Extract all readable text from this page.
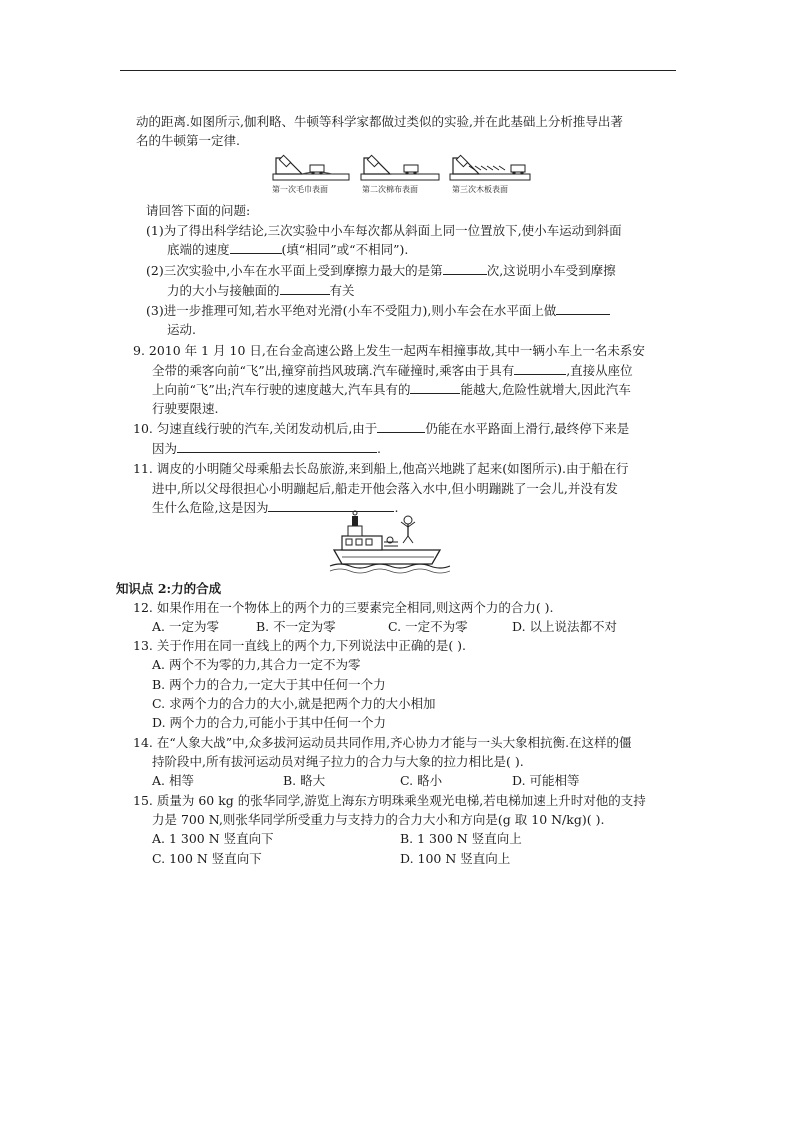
动的距离.如图所示,伽利略、牛顿等科学家都做过类似的实验,并在此基础上分析推导出著
名的牛顿第一定律.
第一次毛巾表面	第二次棉布表面	第三次木板表面
请回答下面的问题:
(1)为了得出科学结论,三次实验中小车每次都从斜面上同一位置放下,使小车运动到斜面
底端的速度	(填“相同”或“不相同”).
(2)三次实验中,小车在水平面上受到摩擦力最大的是第	次,这说明小车受到摩擦
力的大小与接触面的	有关
(3)进一步推理可知,若水平绝对光滑(小车不受阻力),则小车会在水平面上做
运动.
9. 2010 年 1 月 10 日,在台金高速公路上发生一起两车相撞事故,其中一辆小车上一名未系安
全带的乘客向前“飞”出,撞穿前挡风玻璃.汽车碰撞时,乘客由于具有	,直接从座位
上向前“飞”出;汽车行驶的速度越大,汽车具有的	能越大,危险性就增大,因此汽车
行驶要限速.
10. 匀速直线行驶的汽车,关闭发动机后,由于	仍能在水平路面上滑行,最终停下来是
因为	.
11. 调皮的小明随父母乘船去长岛旅游,来到船上,他高兴地跳了起来(如图所示).由于船在行
进中,所以父母很担心小明蹦起后,船走开他会落入水中,但小明蹦跳了一会儿,并没有发
生什么危险,这是因为	.
知识点 2:力的合成
12. 如果作用在一个物体上的两个力的三要素完全相同,则这两个力的合力( ).
A. 一定为零	B. 不一定为零	C. 一定不为零	D. 以上说法都不对
13. 关于作用在同一直线上的两个力,下列说法中正确的是( ).
A. 两个不为零的力,其合力一定不为零
B. 两个力的合力,一定大于其中任何一个力
C. 求两个力的合力的大小,就是把两个力的大小相加
D. 两个力的合力,可能小于其中任何一个力
14. 在“人象大战”中,众多拔河运动员共同作用,齐心协力才能与一头大象相抗衡.在这样的僵
持阶段中,所有拔河运动员对绳子拉力的合力与大象的拉力相比是( ).
A. 相等	B. 略大	C. 略小	D. 可能相等
15. 质量为 60 kg 的张华同学,游览上海东方明珠乘坐观光电梯,若电梯加速上升时对他的支持
力是 700 N,则张华同学所受重力与支持力的合力大小和方向是(g 取 10 N/kg)( ).
A. 1 300 N 竖直向下	B. 1 300 N 竖直向上
C. 100 N 竖直向下	D. 100 N 竖直向上
